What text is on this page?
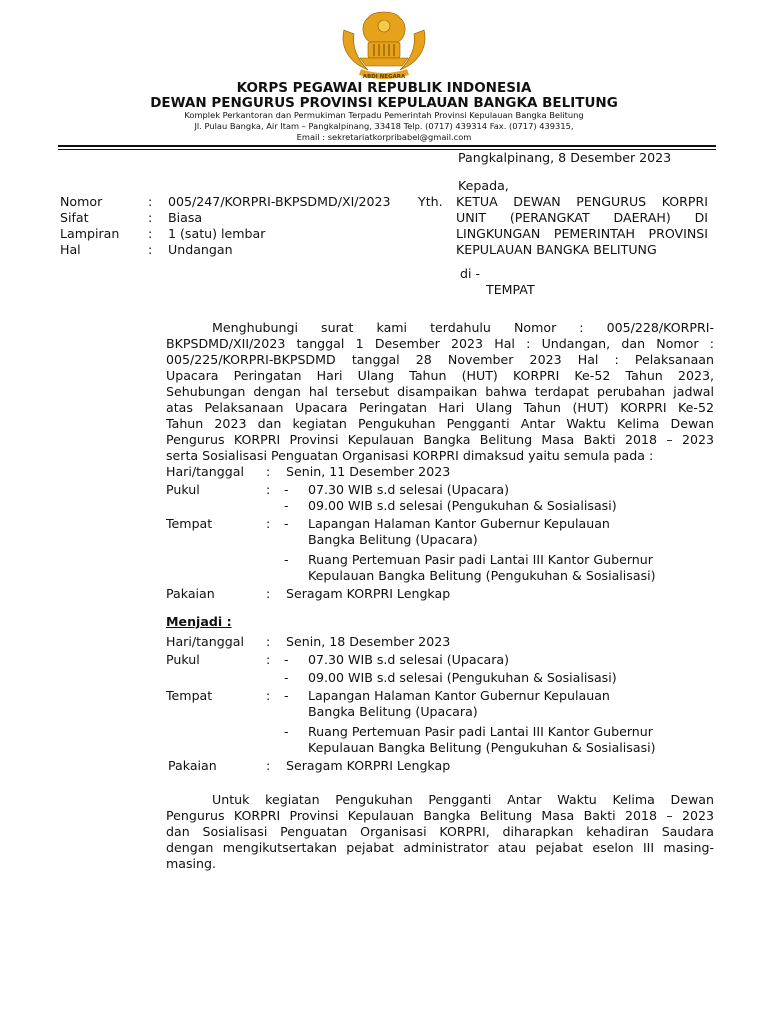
ABDI NEGARA
KORPS PEGAWAI REPUBLIK INDONESIA
DEWAN PENGURUS PROVINSI KEPULAUAN BANGKA BELITUNG
Komplek Perkantoran dan Permukiman Terpadu Pemerintah Provinsi Kepulauan Bangka Belitung
Jl. Pulau Bangka, Air Itam – Pangkalpinang, 33418 Telp. (0717) 439314 Fax. (0717) 439315,
Email : sekretariatkorpribabel@gmail.com
Pangkalpinang, 8 Desember 2023
Nomor	: 005/247/KORPRI-BKPSDMD/XI/2023
Sifat	: Biasa
Lampiran : 1 (satu) lembar
Hal	: Undangan
Kepada,
Yth. KETUA DEWAN PENGURUS KORPRI
UNIT (PERANGKAT DAERAH) DI
LINGKUNGAN PEMERINTAH PROVINSI
KEPULAUAN BANGKA BELITUNG
di -
TEMPAT
Menghubungi surat kami terdahulu Nomor : 005/228/KORPRI-
BKPSDMD/XII/2023 tanggal 1 Desember 2023 Hal : Undangan, dan Nomor :
005/225/KORPRI-BKPSDMD tanggal 28 November 2023 Hal : Pelaksanaan
Upacara Peringatan Hari Ulang Tahun (HUT) KORPRI Ke-52 Tahun 2023,
Sehubungan dengan hal tersebut disampaikan bahwa terdapat perubahan jadwal
atas Pelaksanaan Upacara Peringatan Hari Ulang Tahun (HUT) KORPRI Ke-52
Tahun 2023 dan kegiatan Pengukuhan Pengganti Antar Waktu Kelima Dewan
Pengurus KORPRI Provinsi Kepulauan Bangka Belitung Masa Bakti 2018 – 2023
serta Sosialisasi Penguatan Organisasi KORPRI dimaksud yaitu semula pada :
Hari/tanggal : Senin, 11 Desember 2023
Pukul	: - 07.30 WIB s.d selesai (Upacara)
- 09.00 WIB s.d selesai (Pengukuhan & Sosialisasi)
Tempat	: - Lapangan Halaman Kantor Gubernur Kepulauan
Bangka Belitung (Upacara)
- Ruang Pertemuan Pasir padi Lantai III Kantor Gubernur
Kepulauan Bangka Belitung (Pengukuhan & Sosialisasi)
Pakaian	: Seragam KORPRI Lengkap
Menjadi :
Hari/tanggal : Senin, 18 Desember 2023
Pukul	: - 07.30 WIB s.d selesai (Upacara)
- 09.00 WIB s.d selesai (Pengukuhan & Sosialisasi)
Tempat	: - Lapangan Halaman Kantor Gubernur Kepulauan
Bangka Belitung (Upacara)
- Ruang Pertemuan Pasir padi Lantai III Kantor Gubernur
Kepulauan Bangka Belitung (Pengukuhan & Sosialisasi)
Pakaian	: Seragam KORPRI Lengkap
Untuk kegiatan Pengukuhan Pengganti Antar Waktu Kelima Dewan
Pengurus KORPRI Provinsi Kepulauan Bangka Belitung Masa Bakti 2018 – 2023
dan Sosialisasi Penguatan Organisasi KORPRI, diharapkan kehadiran Saudara
dengan mengikutsertakan pejabat administrator atau pejabat eselon III masing-
masing.
